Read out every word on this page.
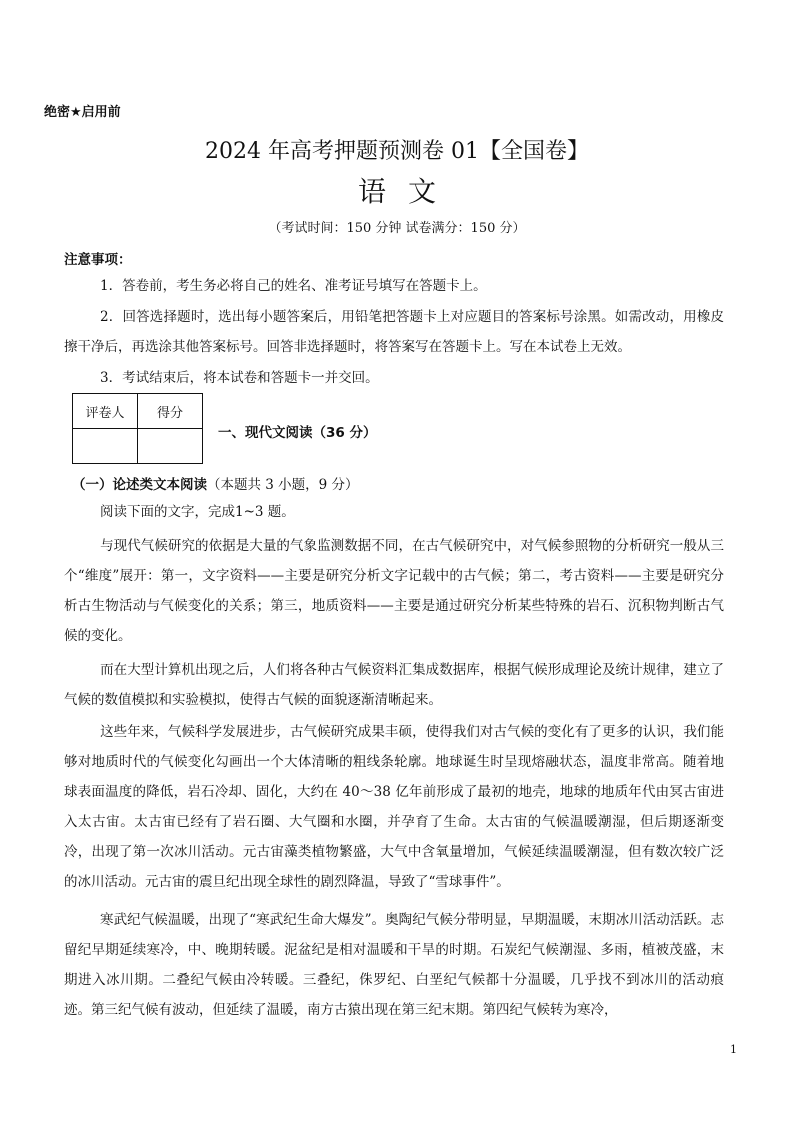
绝密★启用前
2024 年高考押题预测卷 01【全国卷】
语文
（考试时间：150 分钟 试卷满分：150 分）
注意事项：
1．答卷前，考生务必将自己的姓名、准考证号填写在答题卡上。
2．回答选择题时，选出每小题答案后，用铅笔把答题卡上对应题目的答案标号涂黑。如需改动，用橡皮擦干净后，再选涂其他答案标号。回答非选择题时，将答案写在答题卡上。写在本试卷上无效。
3．考试结束后，将本试卷和答题卡一并交回。
评卷人	得分

一、现代文阅读（36 分）
（一）论述类文本阅读（本题共 3 小题，9 分）
阅读下面的文字，完成1~3 题。
与现代气候研究的依据是大量的气象监测数据不同，在古气候研究中，对气候参照物的分析研究一般从三个“维度”展开：第一，文字资料——主要是研究分析文字记载中的古气候；第二，考古资料——主要是研究分析古生物活动与气候变化的关系；第三，地质资料——主要是通过研究分析某些特殊的岩石、沉积物判断古气候的变化。
而在大型计算机出现之后，人们将各种古气候资料汇集成数据库，根据气候形成理论及统计规律，建立了气候的数值模拟和实验模拟，使得古气候的面貌逐渐清晰起来。
这些年来，气候科学发展进步，古气候研究成果丰硕，使得我们对古气候的变化有了更多的认识，我们能够对地质时代的气候变化勾画出一个大体清晰的粗线条轮廓。地球诞生时呈现熔融状态，温度非常高。随着地球表面温度的降低，岩石冷却、固化，大约在 40～38 亿年前形成了最初的地壳，地球的地质年代由冥古宙进入太古宙。太古宙已经有了岩石圈、大气圈和水圈，并孕育了生命。太古宙的气候温暖潮湿，但后期逐渐变冷，出现了第一次冰川活动。元古宙藻类植物繁盛，大气中含氧量增加，气候延续温暖潮湿，但有数次较广泛的冰川活动。元古宙的震旦纪出现全球性的剧烈降温，导致了“雪球事件”。
寒武纪气候温暖，出现了“寒武纪生命大爆发”。奥陶纪气候分带明显，早期温暖，末期冰川活动活跃。志留纪早期延续寒冷，中、晚期转暖。泥盆纪是相对温暖和干旱的时期。石炭纪气候潮湿、多雨，植被茂盛，末期进入冰川期。二叠纪气候由冷转暖。三叠纪，侏罗纪、白垩纪气候都十分温暖，几乎找不到冰川的活动痕迹。第三纪气候有波动，但延续了温暖，南方古猿出现在第三纪末期。第四纪气候转为寒冷，
1
